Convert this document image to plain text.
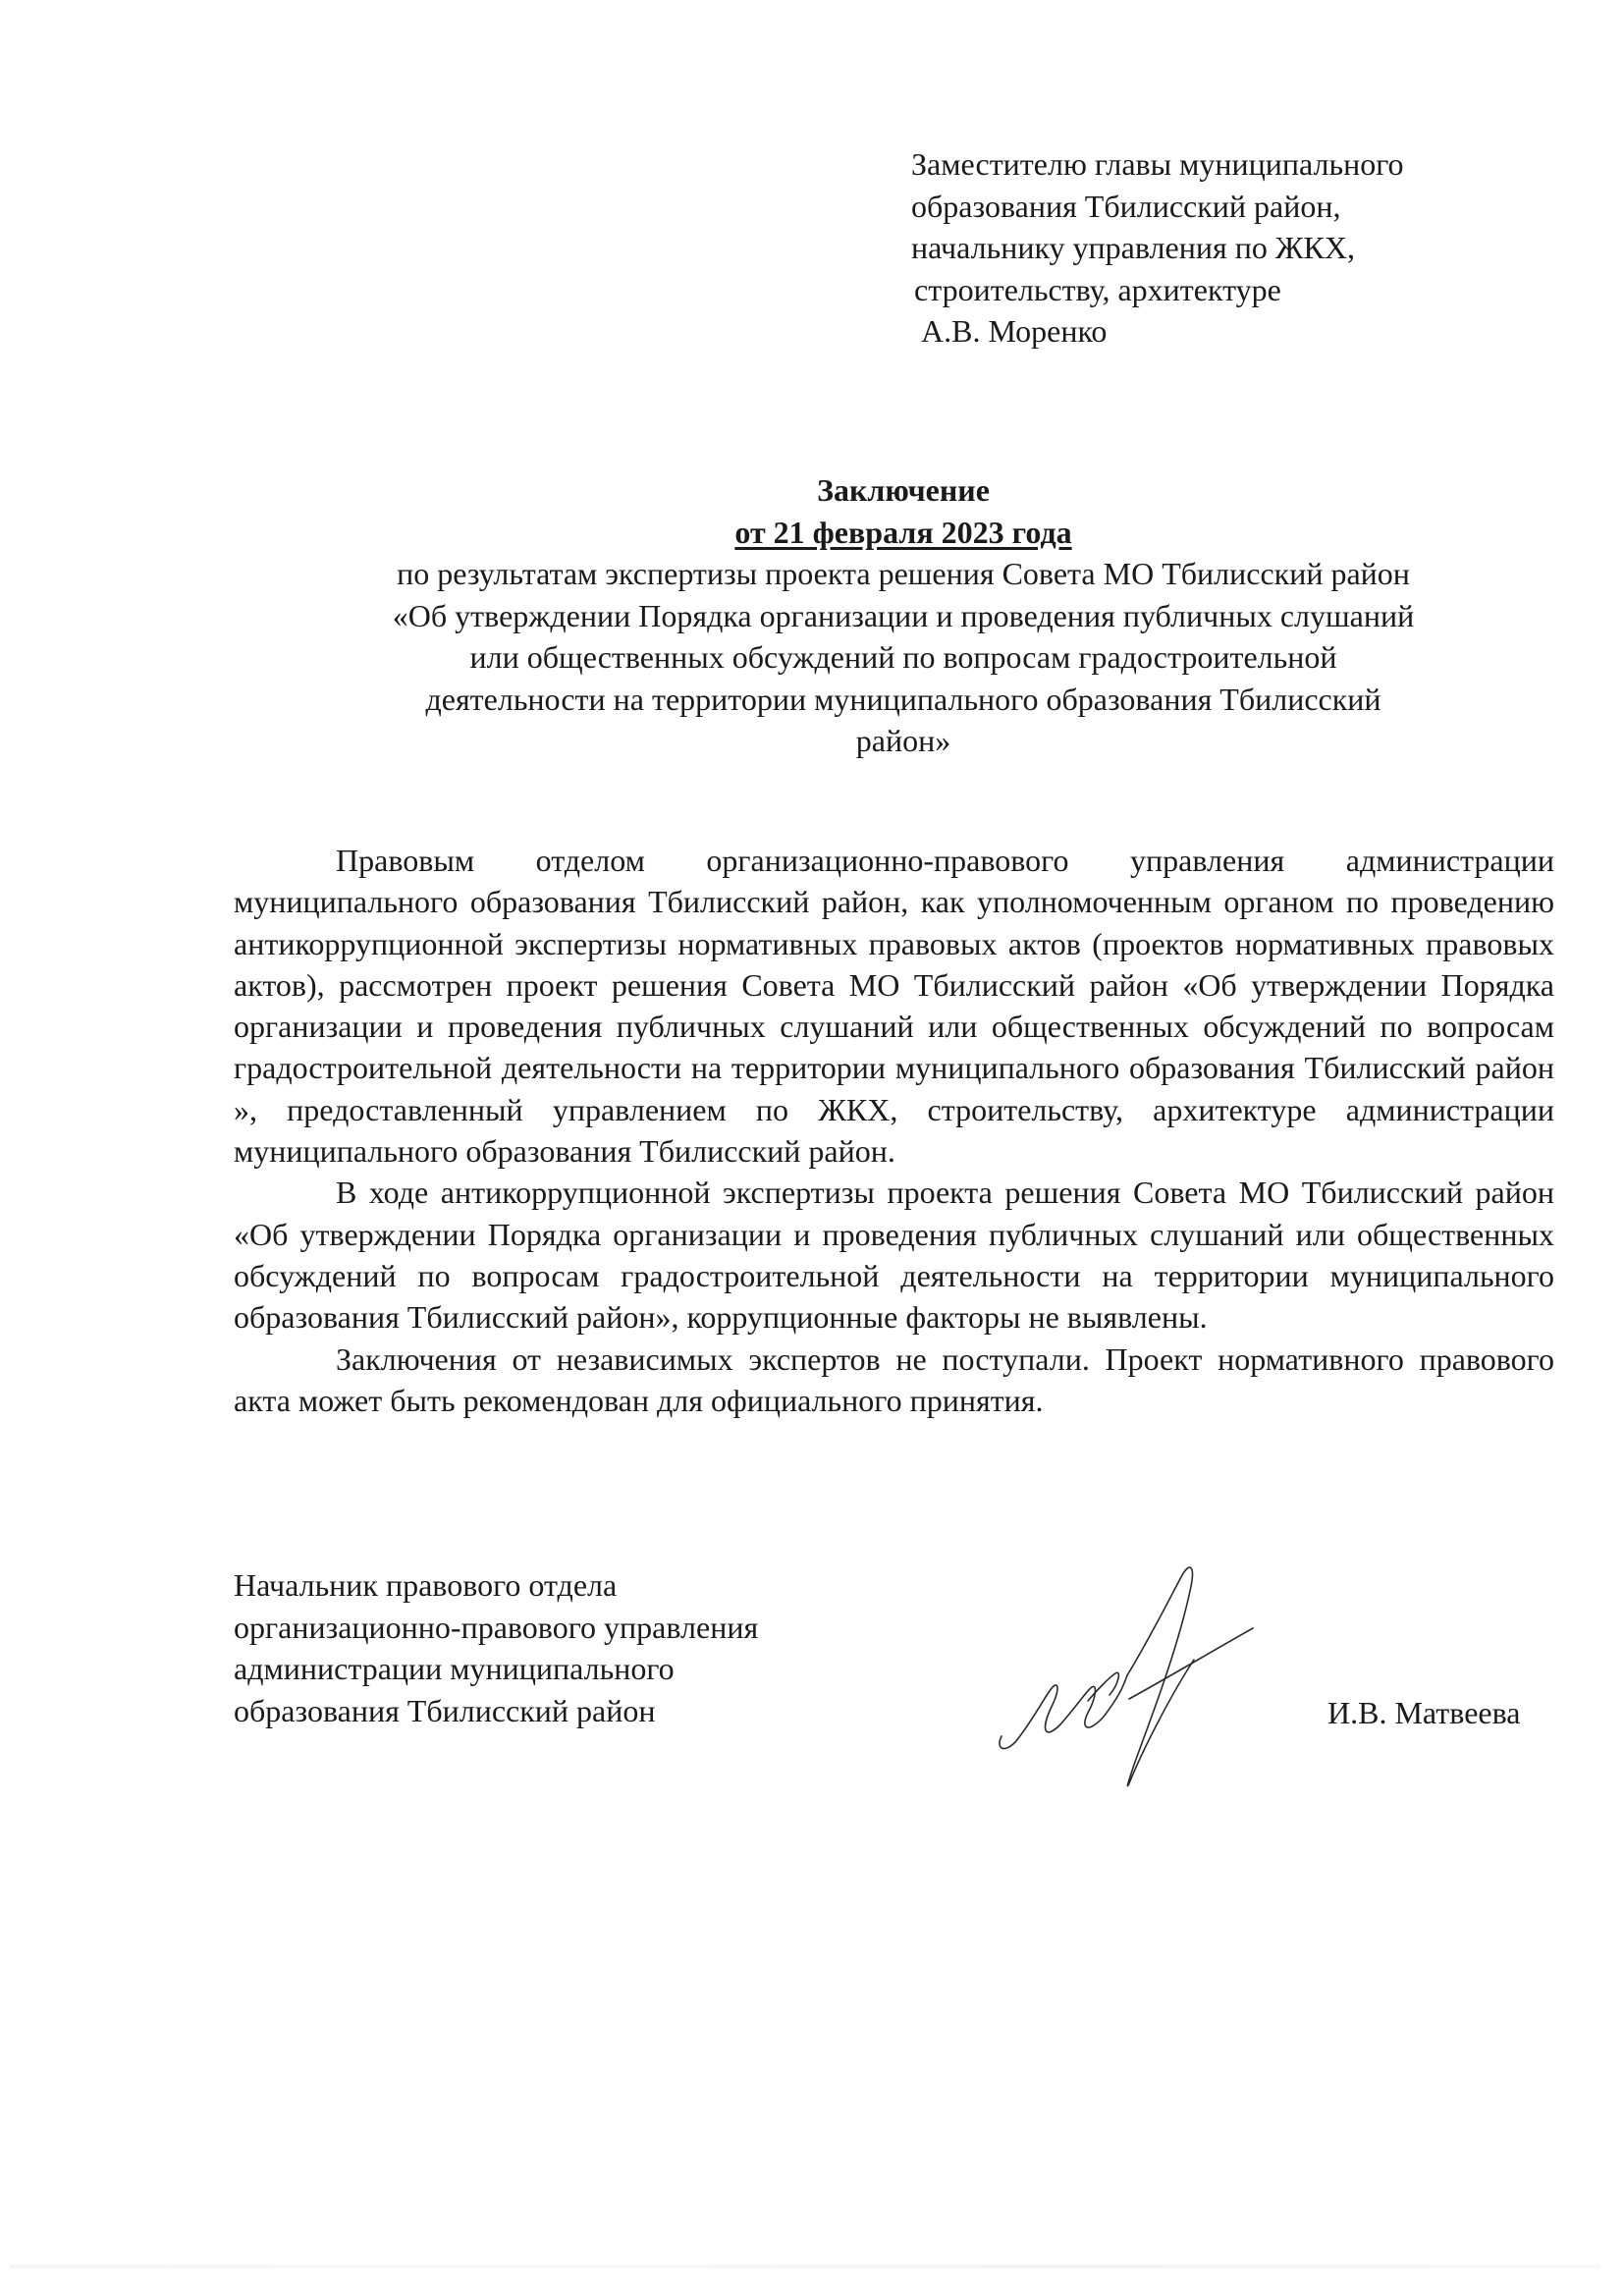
Заместителю главы муниципального
образования Тбилисский район,
начальнику управления по ЖКХ,
строительству, архитектуре
А.В. Моренко
Заключение
от 21 февраля 2023 года
по результатам экспертизы проекта решения Совета МО Тбилисский район
«Об утверждении Порядка организации и проведения публичных слушаний
или общественных обсуждений по вопросам градостроительной
деятельности на территории муниципального образования Тбилисский
район»

Правовым отделом организационно-правового управления администрации муниципального образования Тбилисский район, как уполномоченным органом по проведению антикоррупционной экспертизы нормативных правовых актов (проектов нормативных правовых актов), рассмотрен проект решения Совета МО Тбилисский район «Об утверждении Порядка организации и проведения публичных слушаний или общественных обсуждений по вопросам градостроительной деятельности на территории муниципального образования Тбилисский район », предоставленный управлением по ЖКХ, строительству, архитектуре администрации муниципального образования Тбилисский район.

В ходе антикоррупционной экспертизы проекта решения Совета МО Тбилисский район «Об утверждении Порядка организации и проведения публичных слушаний или общественных обсуждений по вопросам градостроительной деятельности на территории муниципального образования Тбилисский район», коррупционные факторы не выявлены.

Заключения от независимых экспертов не поступали. Проект нормативного правового акта может быть рекомендован для официального принятия.

Начальник правового отдела
организационно-правового управления
администрации муниципального
образования Тбилисский район	И.В. Матвеева
